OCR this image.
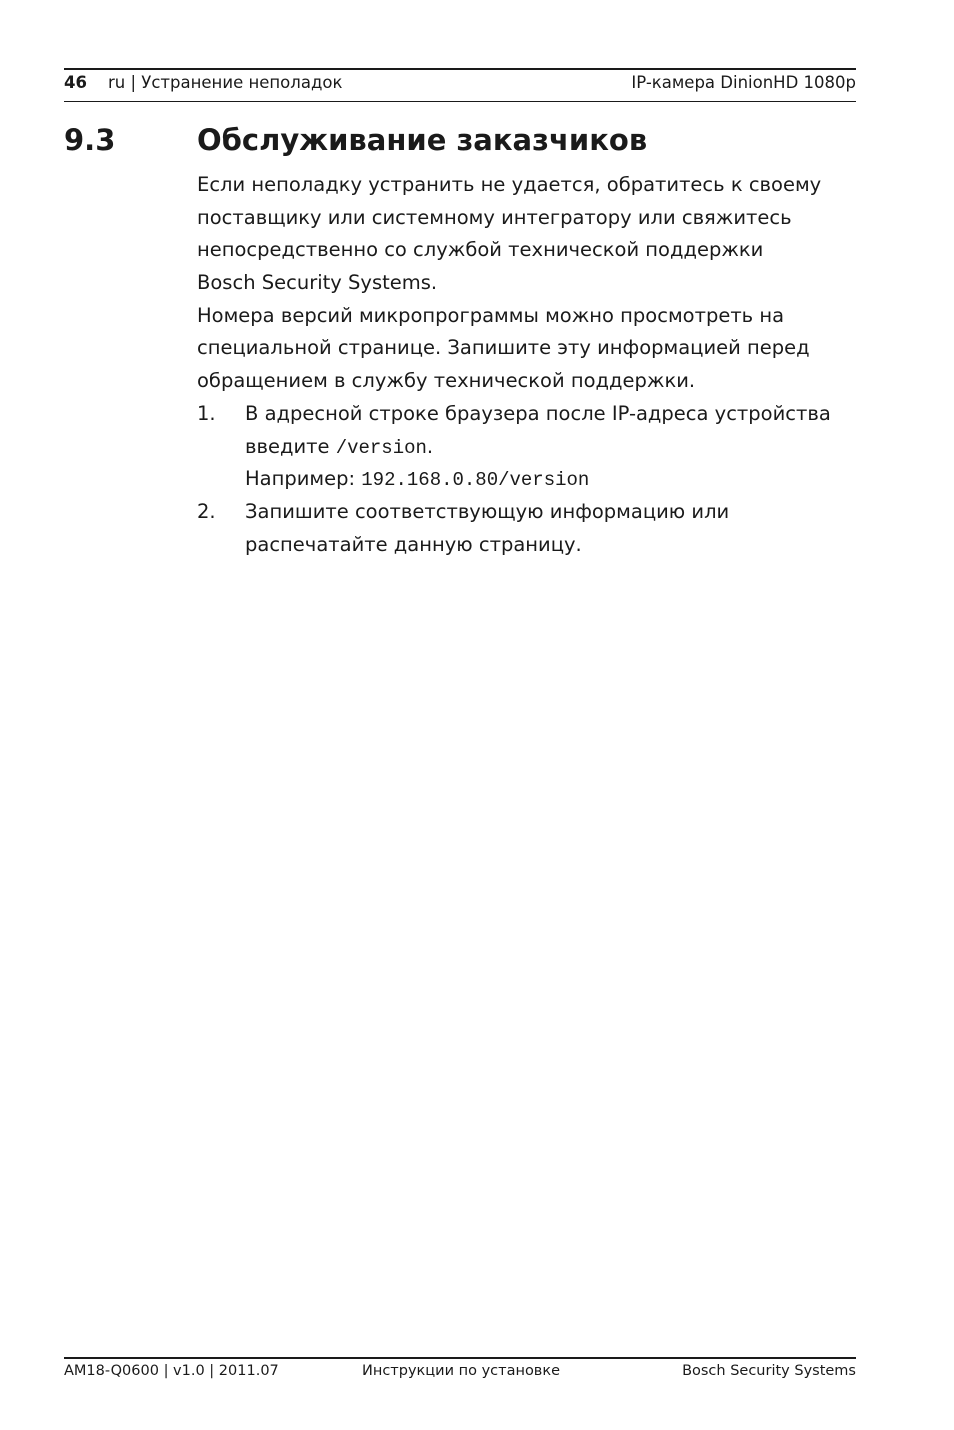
46 ru | Устранение неполадок	IP-камера DinionHD 1080p
9.3	Обслуживание заказчиков
Если неполадку устранить не удается, обратитесь к своему
поставщику или системному интегратору или свяжитесь
непосредственно со службой технической поддержки
Bosch Security Systems.
Номера версий микропрограммы можно просмотреть на
специальной странице. Запишите эту информацией перед
обращением в службу технической поддержки.
1. В адресной строке браузера после IP-адреса устройства
введите /version.
Например: 192.168.0.80/version
2. Запишите соответствующую информацию или
распечатайте данную страницу.
AM18-Q0600 | v1.0 | 2011.07	Инструкции по установке	Bosch Security Systems
